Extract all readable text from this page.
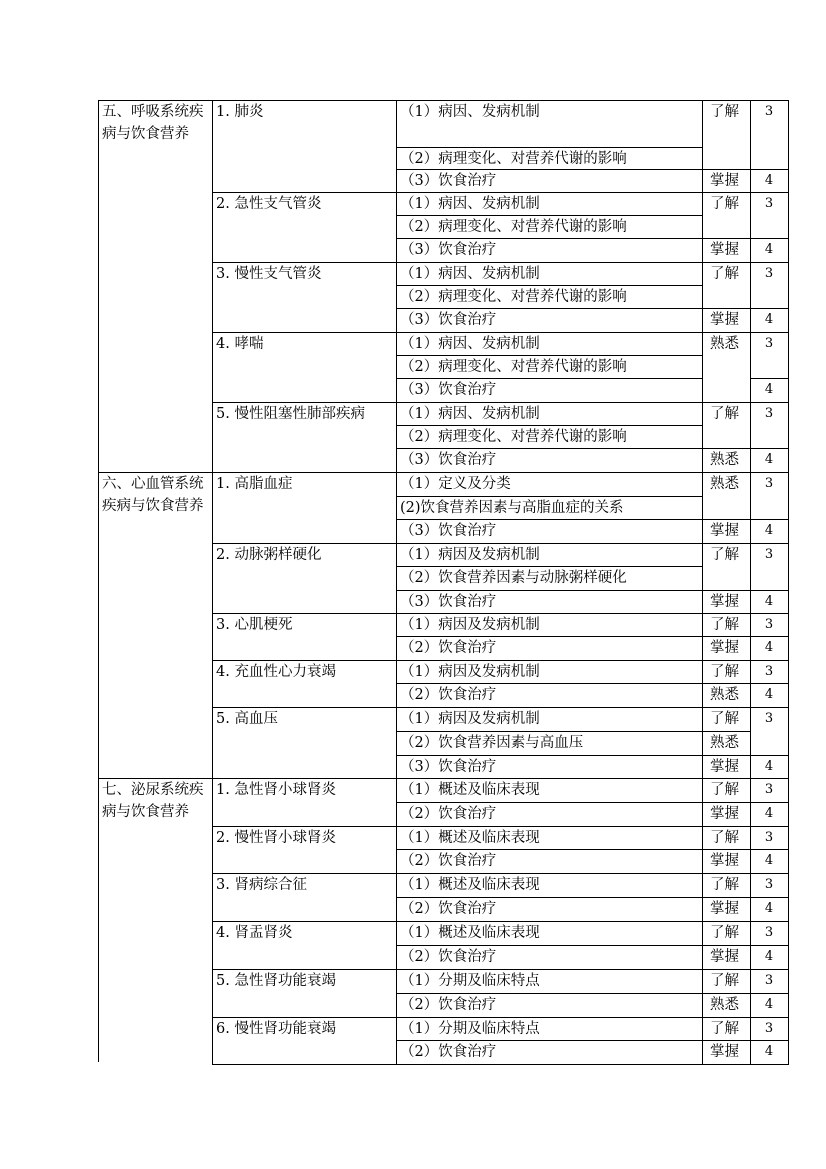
五、呼吸系统疾病与饮食营养
1. 肺炎	（1）病因、发病机制	了解	3
（2）病理变化、对营养代谢的影响
（3）饮食治疗	掌握	4
2. 急性支气管炎	（1）病因、发病机制	了解	3
（2）病理变化、对营养代谢的影响
（3）饮食治疗	掌握	4
3. 慢性支气管炎	（1）病因、发病机制	了解	3
（2）病理变化、对营养代谢的影响
（3）饮食治疗	掌握	4
4. 哮喘	（1）病因、发病机制	熟悉	3
（2）病理变化、对营养代谢的影响
（3）饮食治疗	4
5. 慢性阻塞性肺部疾病 （1）病因、发病机制	了解	3
（2）病理变化、对营养代谢的影响
（3）饮食治疗	熟悉	4
六、心血管系统疾病与饮食营养
1. 高脂血症	（1）定义及分类	熟悉	3
(2)饮食营养因素与高脂血症的关系
（3）饮食治疗	掌握	4
2. 动脉粥样硬化	（1）病因及发病机制	了解	3
（2）饮食营养因素与动脉粥样硬化
（3）饮食治疗	掌握	4
3. 心肌梗死	（1）病因及发病机制	了解	3
（2）饮食治疗	掌握	4
4. 充血性心力衰竭	（1）病因及发病机制	了解	3
（2）饮食治疗	熟悉	4
5. 高血压	（1）病因及发病机制	了解	3
（2）饮食营养因素与高血压	熟悉
（3）饮食治疗	掌握	4
七、泌尿系统疾病与饮食营养
1. 急性肾小球肾炎	（1）概述及临床表现	了解	3
（2）饮食治疗	掌握	4
2. 慢性肾小球肾炎	（1）概述及临床表现	了解	3
（2）饮食治疗	掌握	4
3. 肾病综合征	（1）概述及临床表现	了解	3
（2）饮食治疗	掌握	4
4. 肾盂肾炎	（1）概述及临床表现	了解	3
（2）饮食治疗	掌握	4
5. 急性肾功能衰竭	（1）分期及临床特点	了解	3
（2）饮食治疗	熟悉	4
6. 慢性肾功能衰竭	（1）分期及临床特点	了解	3
（2）饮食治疗	掌握	4
